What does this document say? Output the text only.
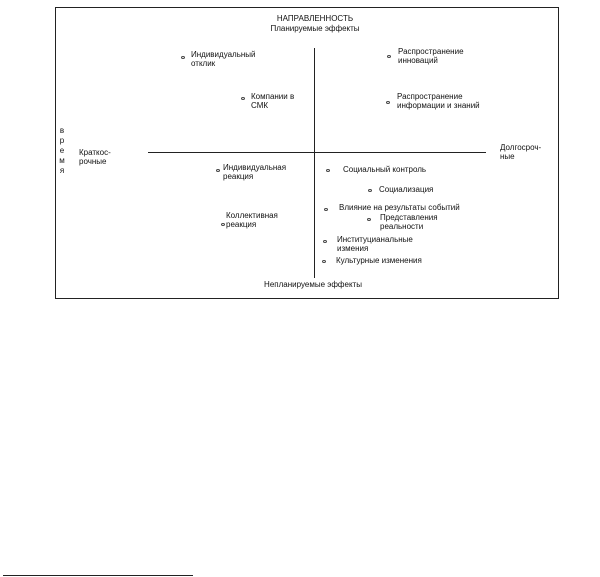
НАПРАВЛЕННОСТЬ
Планируемые эффекты
Непланируемые эффекты
Краткос-
рочные
Долгосроч-
ные
в
р
е
м
я
Индивидуальный
отклик
Компании в
СМК
Распространение
инноваций
Распространение
информации и знаний
Индивидуальная
реакция
Коллективная
реакция
Социальный контроль
Социализация
Влияние на результаты событий
Представления
реальности
Институцианальные
измения
Культурные изменения
